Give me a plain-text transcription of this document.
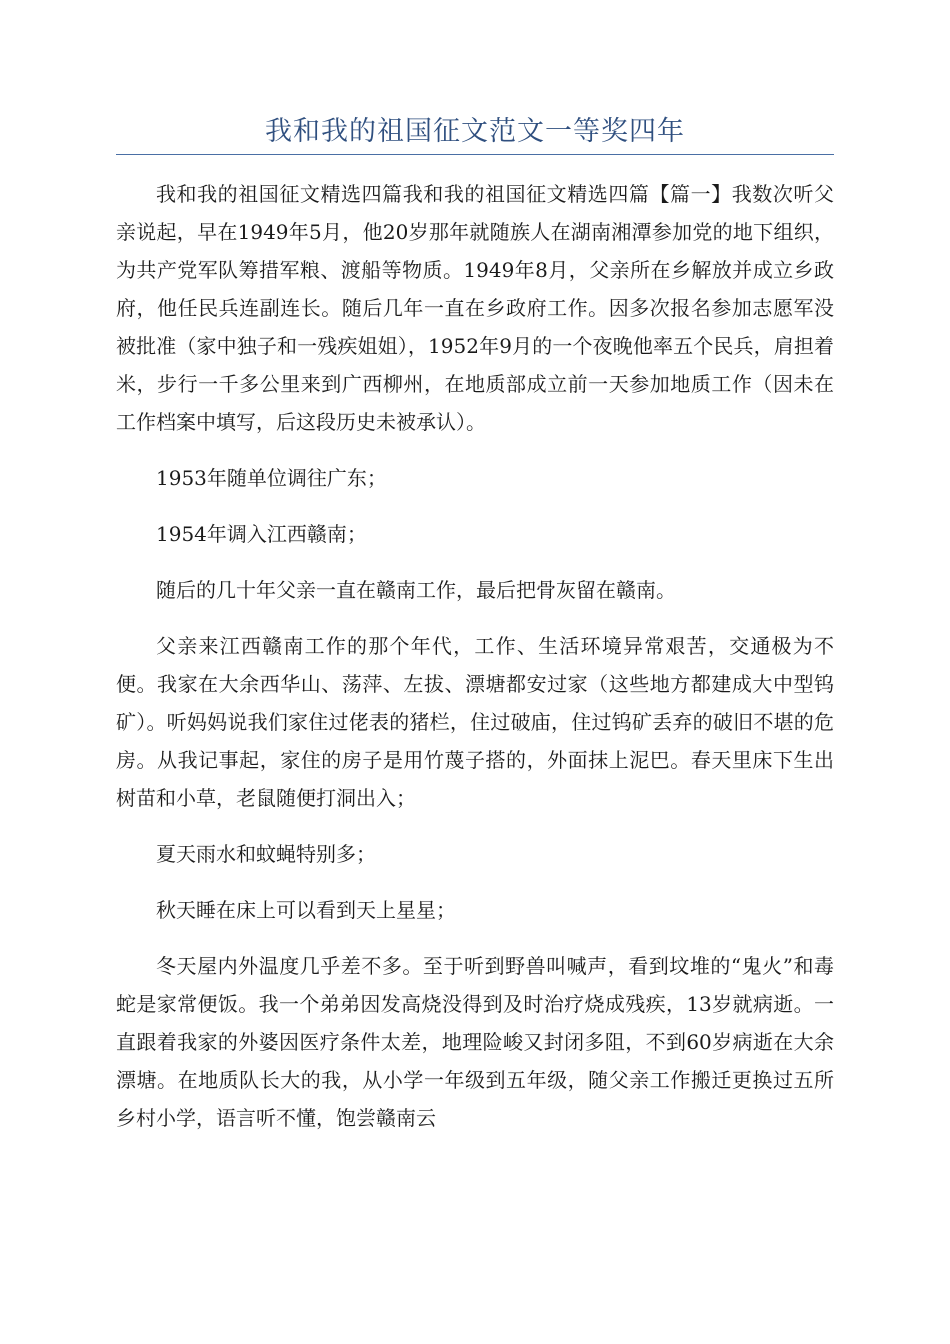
我和我的祖国征文范文一等奖四年

我和我的祖国征文精选四篇我和我的祖国征文精选四篇【篇一】我数次听父亲说起，早在1949年5月，他20岁那年就随族人在湖南湘潭参加党的地下组织，为共产党军队筹措军粮、渡船等物质。1949年8月，父亲所在乡解放并成立乡政府，他任民兵连副连长。随后几年一直在乡政府工作。因多次报名参加志愿军没被批准（家中独子和一残疾姐姐），1952年9月的一个夜晚他率五个民兵，肩担着米，步行一千多公里来到广西柳州，在地质部成立前一天参加地质工作（因未在工作档案中填写，后这段历史未被承认）。

1953年随单位调往广东；

1954年调入江西赣南；

随后的几十年父亲一直在赣南工作，最后把骨灰留在赣南。

父亲来江西赣南工作的那个年代，工作、生活环境异常艰苦，交通极为不便。我家在大余西华山、荡萍、左拔、漂塘都安过家（这些地方都建成大中型钨矿）。听妈妈说我们家住过佬表的猪栏，住过破庙，住过钨矿丢弃的破旧不堪的危房。从我记事起，家住的房子是用竹蔑子搭的，外面抹上泥巴。春天里床下生出树苗和小草，老鼠随便打洞出入；

夏天雨水和蚊蝇特别多；

秋天睡在床上可以看到天上星星；

冬天屋内外温度几乎差不多。至于听到野兽叫喊声，看到坟堆的“鬼火”和毒蛇是家常便饭。我一个弟弟因发高烧没得到及时治疗烧成残疾，13岁就病逝。一直跟着我家的外婆因医疗条件太差，地理险峻又封闭多阻，不到60岁病逝在大余漂塘。在地质队长大的我，从小学一年级到五年级，随父亲工作搬迁更换过五所乡村小学，语言听不懂，饱尝赣南云
